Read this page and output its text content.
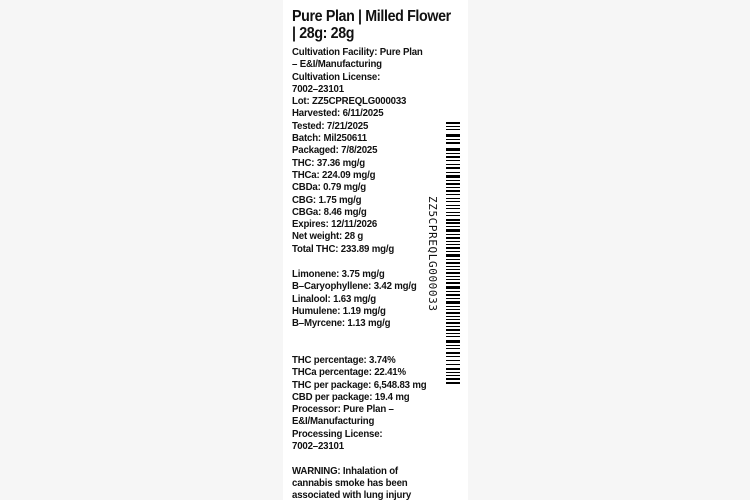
Pure Plan | Milled Flower
| 28g: 28g
Cultivation Facility: Pure Plan
– E&I/Manufacturing
Cultivation License:
7002–23101
Lot: ZZ5CPREQLG000033
Harvested: 6/11/2025
Tested: 7/21/2025
Batch: Mil250611
Packaged: 7/8/2025
THC: 37.36 mg/g
THCa: 224.09 mg/g
CBDa: 0.79 mg/g
CBG: 1.75 mg/g
CBGa: 8.46 mg/g
Expires: 12/11/2026
Net weight: 28 g
Total THC: 233.89 mg/g
Limonene: 3.75 mg/g
B–Caryophyllene: 3.42 mg/g
Linalool: 1.63 mg/g
Humulene: 1.19 mg/g
B–Myrcene: 1.13 mg/g
THC percentage: 3.74%
THCa percentage: 22.41%
THC per package: 6,548.83 mg
CBD per package: 19.4 mg
Processor: Pure Plan –
E&I/Manufacturing
Processing License:
7002–23101
WARNING: Inhalation of
cannabis smoke has been
associated with lung injury
ZZ5CPREQLG000033
